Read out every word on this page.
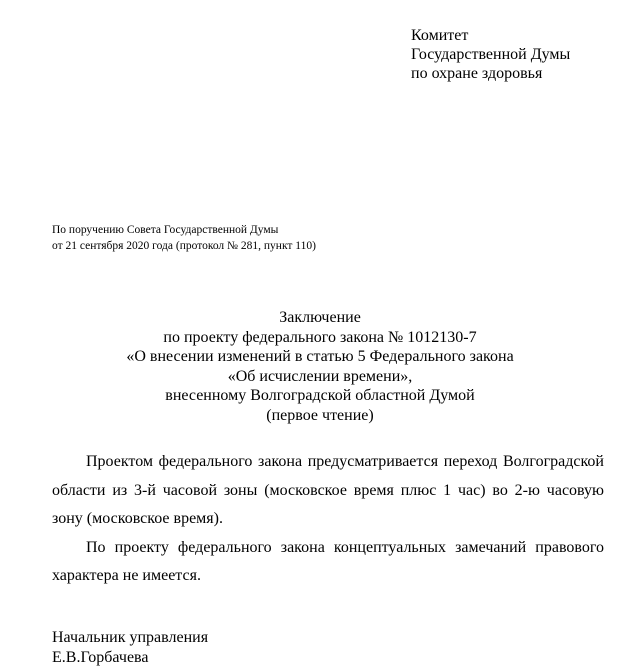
Комитет
Государственной Думы
по охране здоровья
По поручению Совета Государственной Думы
от 21 сентября 2020 года (протокол № 281, пункт 110)
Заключение
по проекту федерального закона № 1012130-7
«О внесении изменений в статью 5 Федерального закона
«Об исчислении времени»,
внесенному Волгоградской областной Думой
(первое чтение)

Проектом федерального закона предусматривается переход Волгоградской области из 3-й часовой зоны (московское время плюс 1 час) во 2-ю часовую зону (московское время).

По проекту федерального закона концептуальных замечаний правового характера не имеется.

Начальник управления
Е.В.Горбачева
